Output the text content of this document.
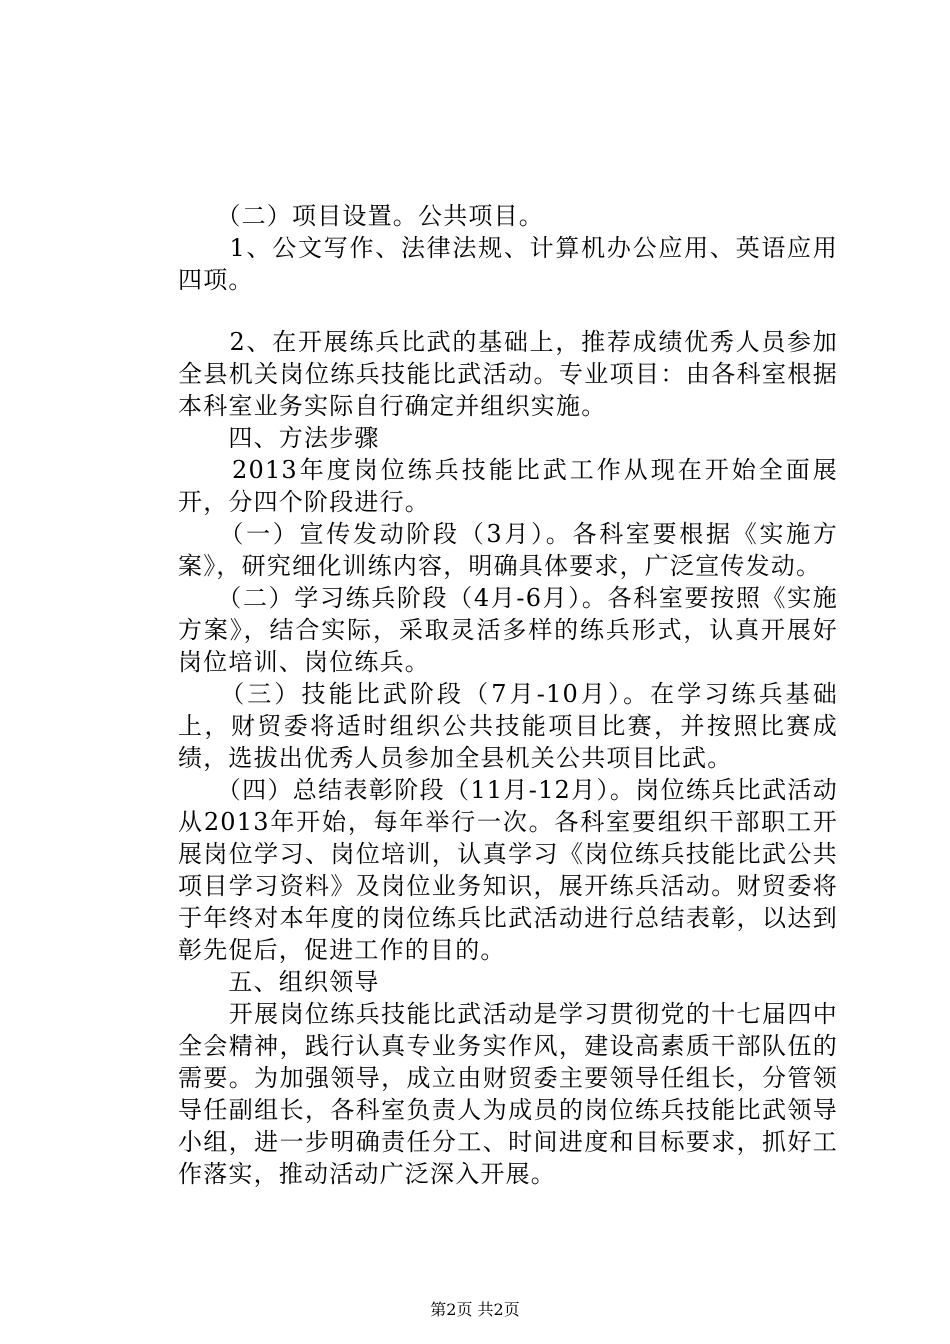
　　（二）项目设置。公共项目。

　　1、公文写作、法律法规、计算机办公应用、英语应用四项。

　　2、在开展练兵比武的基础上，推荐成绩优秀人员参加全县机关岗位练兵技能比武活动。专业项目：由各科室根据本科室业务实际自行确定并组织实施。

　　四、方法步骤

　　2013年度岗位练兵技能比武工作从现在开始全面展开，分四个阶段进行。

　　（一）宣传发动阶段（3月）。各科室要根据《实施方案》，研究细化训练内容，明确具体要求，广泛宣传发动。

　　（二）学习练兵阶段（4月-6月）。各科室要按照《实施方案》，结合实际，采取灵活多样的练兵形式，认真开展好岗位培训、岗位练兵。

　　（三）技能比武阶段（7月-10月）。在学习练兵基础上，财贸委将适时组织公共技能项目比赛，并按照比赛成绩，选拔出优秀人员参加全县机关公共项目比武。

　　（四）总结表彰阶段（11月-12月）。岗位练兵比武活动从2013年开始，每年举行一次。各科室要组织干部职工开展岗位学习、岗位培训，认真学习《岗位练兵技能比武公共项目学习资料》及岗位业务知识，展开练兵活动。财贸委将于年终对本年度的岗位练兵比武活动进行总结表彰，以达到彰先促后，促进工作的目的。

　　五、组织领导

　　开展岗位练兵技能比武活动是学习贯彻党的十七届四中全会精神，践行认真专业务实作风，建设高素质干部队伍的需要。为加强领导，成立由财贸委主要领导任组长，分管领导任副组长，各科室负责人为成员的岗位练兵技能比武领导小组，进一步明确责任分工、时间进度和目标要求，抓好工作落实，推动活动广泛深入开展。

第2页 共2页
